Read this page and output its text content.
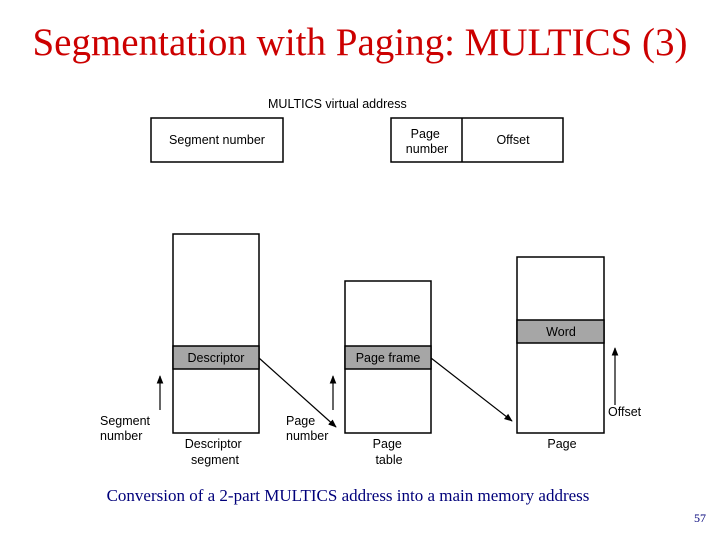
Segmentation with Paging: MULTICS (3)
MULTICS virtual address
Segment number	Page number
Offset
Descriptor	Page frame
Word
Segment number
Page number
Offset
Descriptor segment
Page table
Page
Conversion of a 2-part MULTICS address into a main memory address
57
